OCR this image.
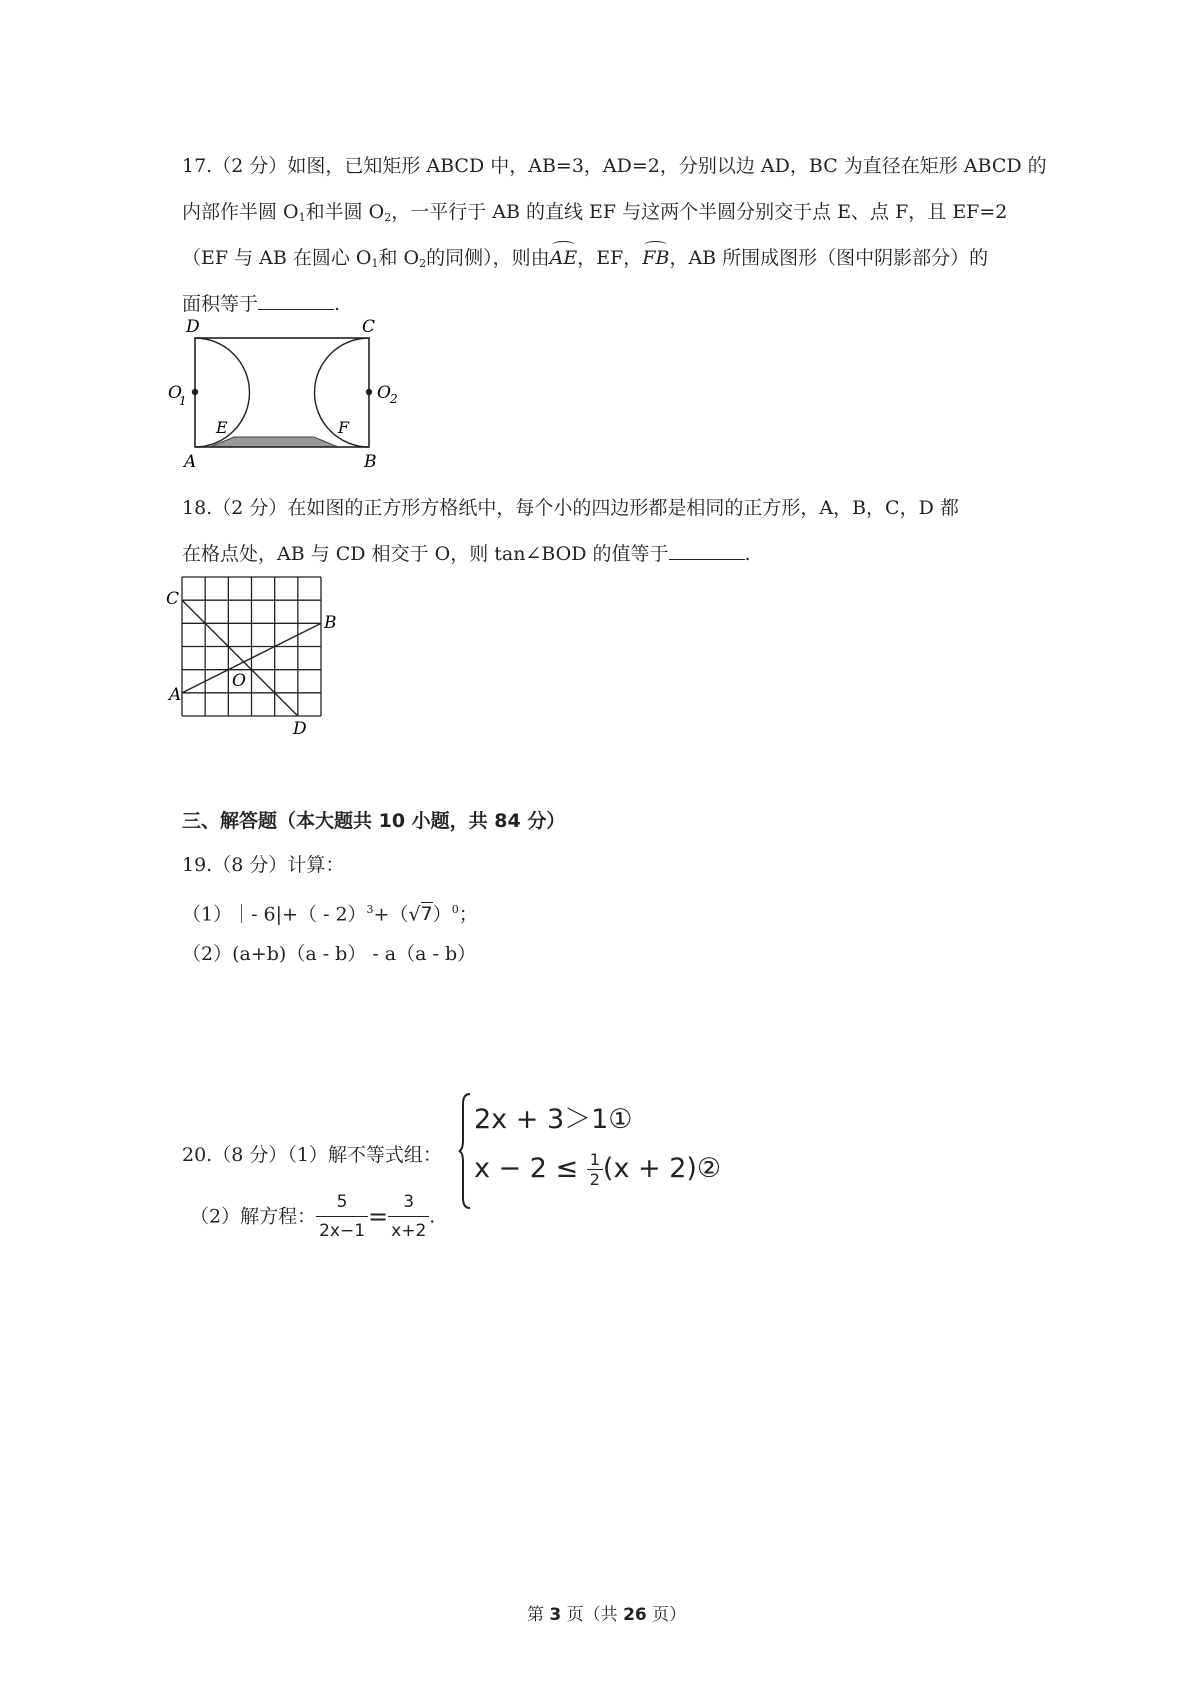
17.（2 分）如图，已知矩形 ABCD 中，AB=3，AD=2，分别以边 AD，BC 为直径在矩形 ABCD 的
内部作半圆 $O_1$和半圆 $O_2$，一平行于 AB 的直线 EF 与这两个半圆分别交于点 E、点 F，且 EF=2
（EF 与 AB 在圆心 $O_1$和 $O_2$的同侧），则由AE，EF，FB，AB 所围成图形（图中阴影部分）的
面积等于	.
D	C
A	B
E	F
O
1	O 2
18.（2 分）在如图的正方形方格纸中，每个小的四边形都是相同的正方形，A，B，C，D 都
在格点处，AB 与 CD 相交于 O，则 tan∠BOD 的值等于	.
C
B
A
O
D
三、解答题（本大题共 10 小题，共 84 分）
19.（8 分）计算：
（1）｜- $6|+( - 2)^3+(√7)^0$；
（2）(a+b)（a - b） - a（a - b）
20.（8 分）（1）解不等式组：
2x + 3＞1①
$x - 2 \le \frac{1}{2} (x$ + 2)②
（2）解方程： $\frac{5}{2x-1} = \frac{3}{x+2}$ .
第 3 页（共 26 页）
